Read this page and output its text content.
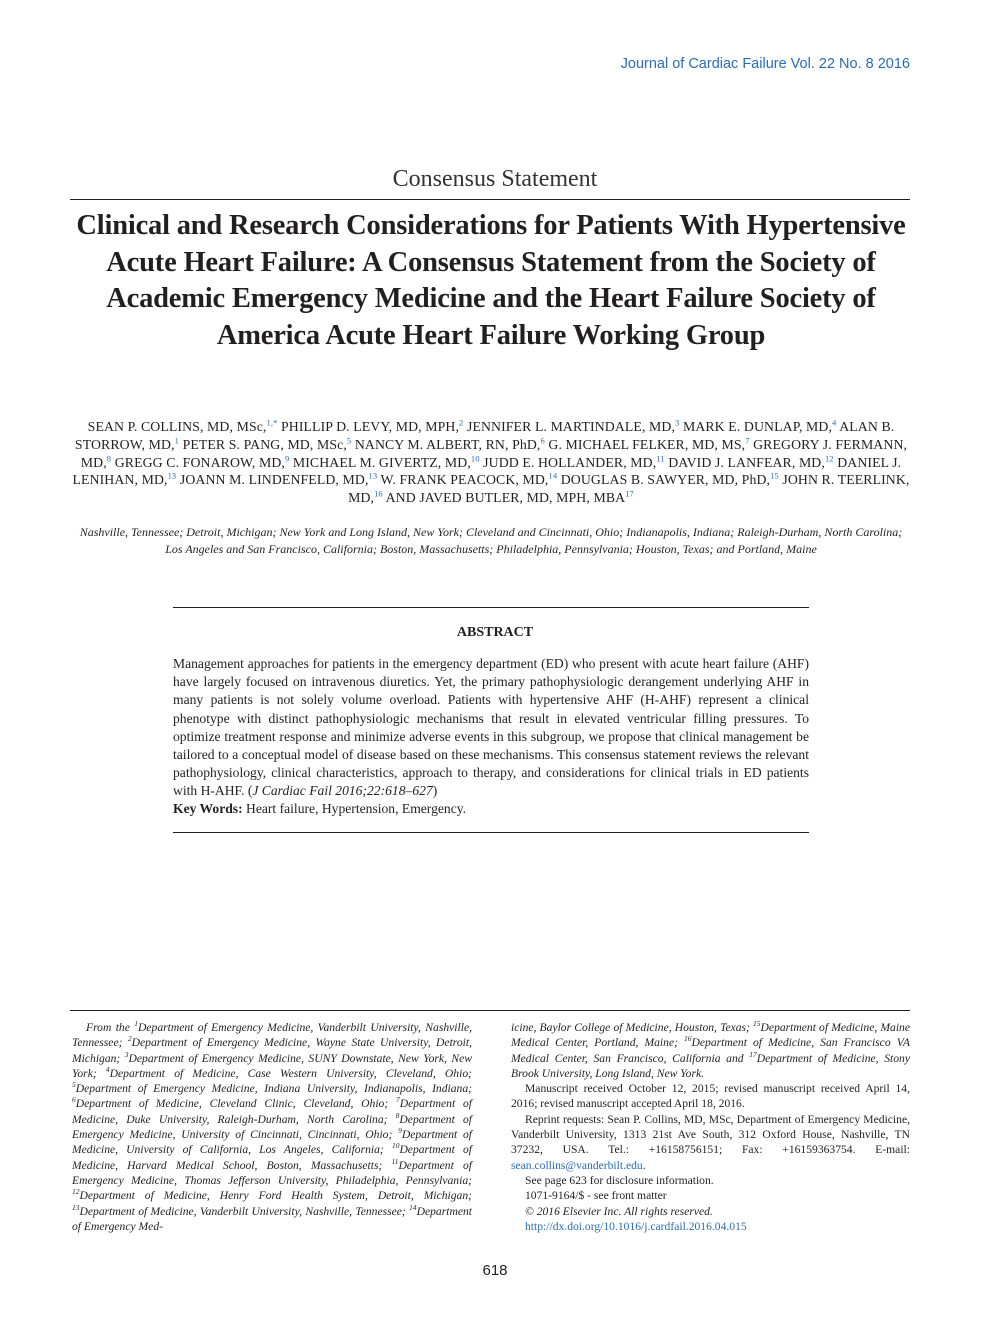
Journal of Cardiac Failure Vol. 22 No. 8 2016
Consensus Statement
Clinical and Research Considerations for Patients With Hypertensive Acute Heart Failure: A Consensus Statement from the Society of Academic Emergency Medicine and the Heart Failure Society of America Acute Heart Failure Working Group
SEAN P. COLLINS, MD, MSc,$^{1,*}$ PHILLIP D. LEVY, MD, MPH,$^2$ JENNIFER L. MARTINDALE, MD,$^3$ MARK E. DUNLAP, MD,$^4$ ALAN B. STORROW, MD,$^1$ PETER S. PANG, MD, MSc,$^5$ NANCY M. ALBERT, RN, PhD,$^6$ G. MICHAEL FELKER, MD, MS,$^7$ GREGORY J. FERMANN, MD,$^8$ GREGG C. FONAROW, MD,$^9$ MICHAEL M. GIVERTZ, MD,$^{10}$ JUDD E. HOLLANDER, MD,$^{11}$ DAVID J. LANFEAR, MD,$^{12}$ DANIEL J. LENIHAN, MD,$^{13}$ JOANN M. LINDENFELD, MD,$^{13}$ W. FRANK PEACOCK, MD,$^{14}$ DOUGLAS B. SAWYER, MD, PhD,$^{15}$ JOHN R. TEERLINK, MD,$^{16}$ AND JAVED BUTLER, MD, MPH, MBA$^{17}$
Nashville, Tennessee; Detroit, Michigan; New York and Long Island, New York; Cleveland and Cincinnati, Ohio; Indianapolis, Indiana; Raleigh-Durham, North Carolina; Los Angeles and San Francisco, California; Boston, Massachusetts; Philadelphia, Pennsylvania; Houston, Texas; and Portland, Maine
ABSTRACT
Management approaches for patients in the emergency department (ED) who present with acute heart failure (AHF) have largely focused on intravenous diuretics. Yet, the primary pathophysiologic derangement underlying AHF in many patients is not solely volume overload. Patients with hypertensive AHF (H-AHF) represent a clinical phenotype with distinct pathophysiologic mechanisms that result in elevated ventricular filling pressures. To optimize treatment response and minimize adverse events in this subgroup, we propose that clinical management be tailored to a conceptual model of disease based on these mechanisms. This consensus statement reviews the relevant pathophysiology, clinical characteristics, approach to therapy, and considerations for clinical trials in ED patients with H-AHF. (J Cardiac Fail 2016;22:618–627)
Key Words: Heart failure, Hypertension, Emergency.
From the $^1$Department of Emergency Medicine, Vanderbilt University, Nashville, Tennessee; $^2$Department of Emergency Medicine, Wayne State University, Detroit, Michigan; $^3$Department of Emergency Medicine, SUNY Downstate, New York, New York; $^4$Department of Medicine, Case Western University, Cleveland, Ohio; $^5$Department of Emergency Medicine, Indiana University, Indianapolis, Indiana; $^6$Department of Medicine, Cleveland Clinic, Cleveland, Ohio; $^7$Department of Medicine, Duke University, Raleigh-Durham, North Carolina; $^8$Department of Emergency Medicine, University of Cincinnati, Cincinnati, Ohio; $^9$Department of Medicine, University of California, Los Angeles, California; $^{10}$Department of Medicine, Harvard Medical School, Boston, Massachusetts; $^{11}$Department of Emergency Medicine, Thomas Jefferson University, Philadelphia, Pennsylvania; $^{12}$Department of Medicine, Henry Ford Health System, Detroit, Michigan; $^{13}$Department of Medicine, Vanderbilt University, Nashville, Tennessee; $^{14}$Department of Emergency Med-

icine, Baylor College of Medicine, Houston, Texas; $^{15}$Department of Medicine, Maine Medical Center, Portland, Maine; $^{16}$Department of Medicine, San Francisco VA Medical Center, San Francisco, California and $^{17}$Department of Medicine, Stony Brook University, Long Island, New York.

Manuscript received October 12, 2015; revised manuscript received April 14, 2016; revised manuscript accepted April 18, 2016.

Reprint requests: Sean P. Collins, MD, MSc, Department of Emergency Medicine, Vanderbilt University, 1313 21st Ave South, 312 Oxford House, Nashville, TN 37232, USA. Tel.: +16158756151; Fax: +16159363754. E-mail: sean.collins@vanderbilt.edu.

See page 623 for disclosure information.

1071-9164/$ - see front matter

© 2016 Elsevier Inc. All rights reserved.

http://dx.doi.org/10.1016/j.cardfail.2016.04.015

618
